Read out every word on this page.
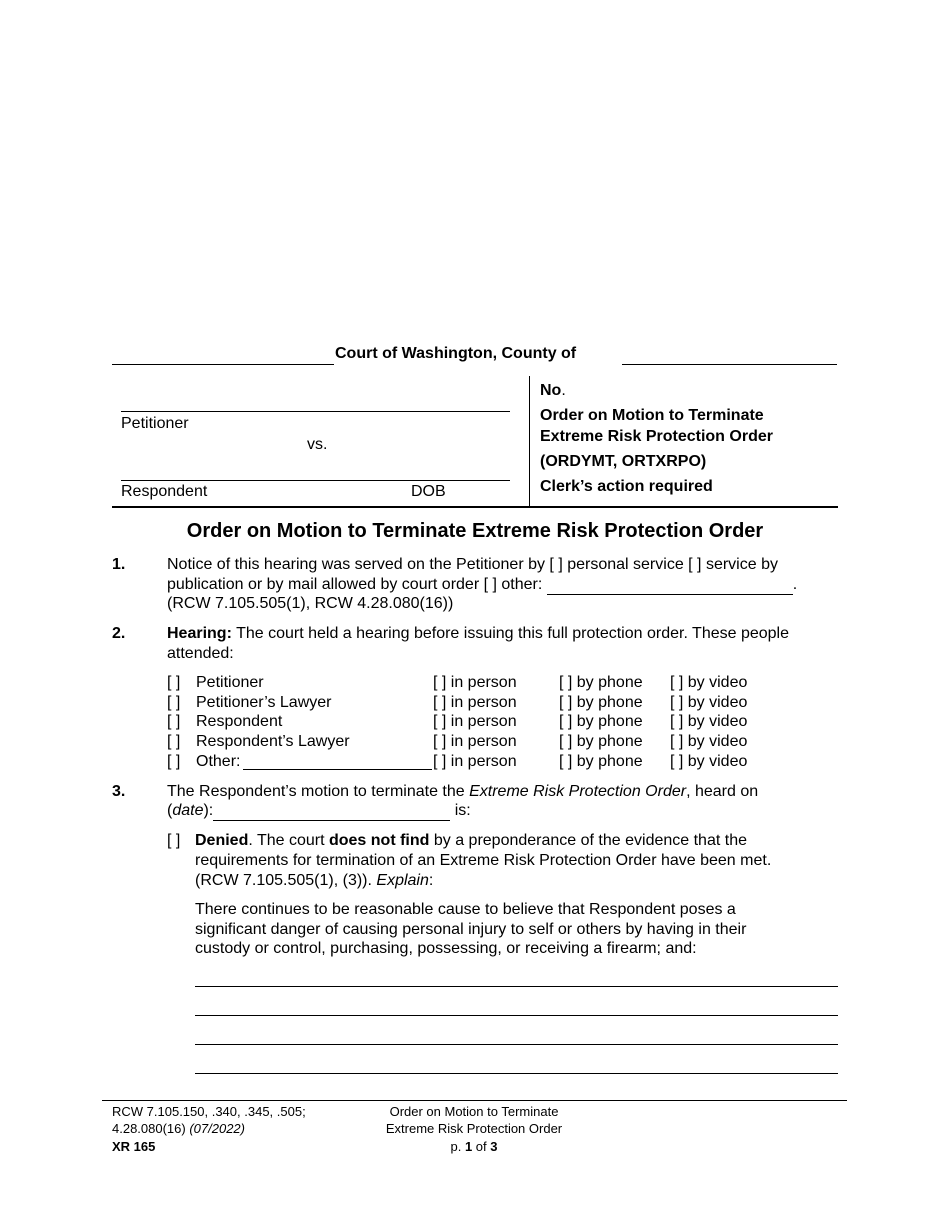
Court of Washington, County of
Petitioner
vs.
Respondent	DOB
No.
Order on Motion to Terminate
Extreme Risk Protection Order
(ORDYMT, ORTXRPO)
Clerk’s action required
Order on Motion to Terminate Extreme Risk Protection Order
1.	Notice of this hearing was served on the Petitioner by [ ] personal service [ ] service by
publication or by mail allowed by court order [ ] other:	.
(RCW 7.105.505(1), RCW 4.28.080(16))
2.	Hearing: The court held a hearing before issuing this full protection order. These people
attended:
[ ] Petitioner	[ ] in person	[ ] by phone [ ] by video
[ ] Petitioner’s Lawyer	[ ] in person	[ ] by phone [ ] by video
[ ] Respondent	[ ] in person	[ ] by phone [ ] by video
[ ] Respondent’s Lawyer	[ ] in person	[ ] by phone [ ] by video
[ ] Other:	[ ] in person	[ ] by phone [ ] by video
3.	The Respondent’s motion to terminate the Extreme Risk Protection Order, heard on
(date):	is:
[ ] Denied. The court does not find by a preponderance of the evidence that the
requirements for termination of an Extreme Risk Protection Order have been met.
(RCW 7.105.505(1), (3)). Explain:
There continues to be reasonable cause to believe that Respondent poses a
significant danger of causing personal injury to self or others by having in their
custody or control, purchasing, possessing, or receiving a firearm; and:
RCW 7.105.150, .340, .345, .505;
4.28.080(16) (07/2022)
XR 165
Order on Motion to Terminate
Extreme Risk Protection Order
p. 1 of 3
